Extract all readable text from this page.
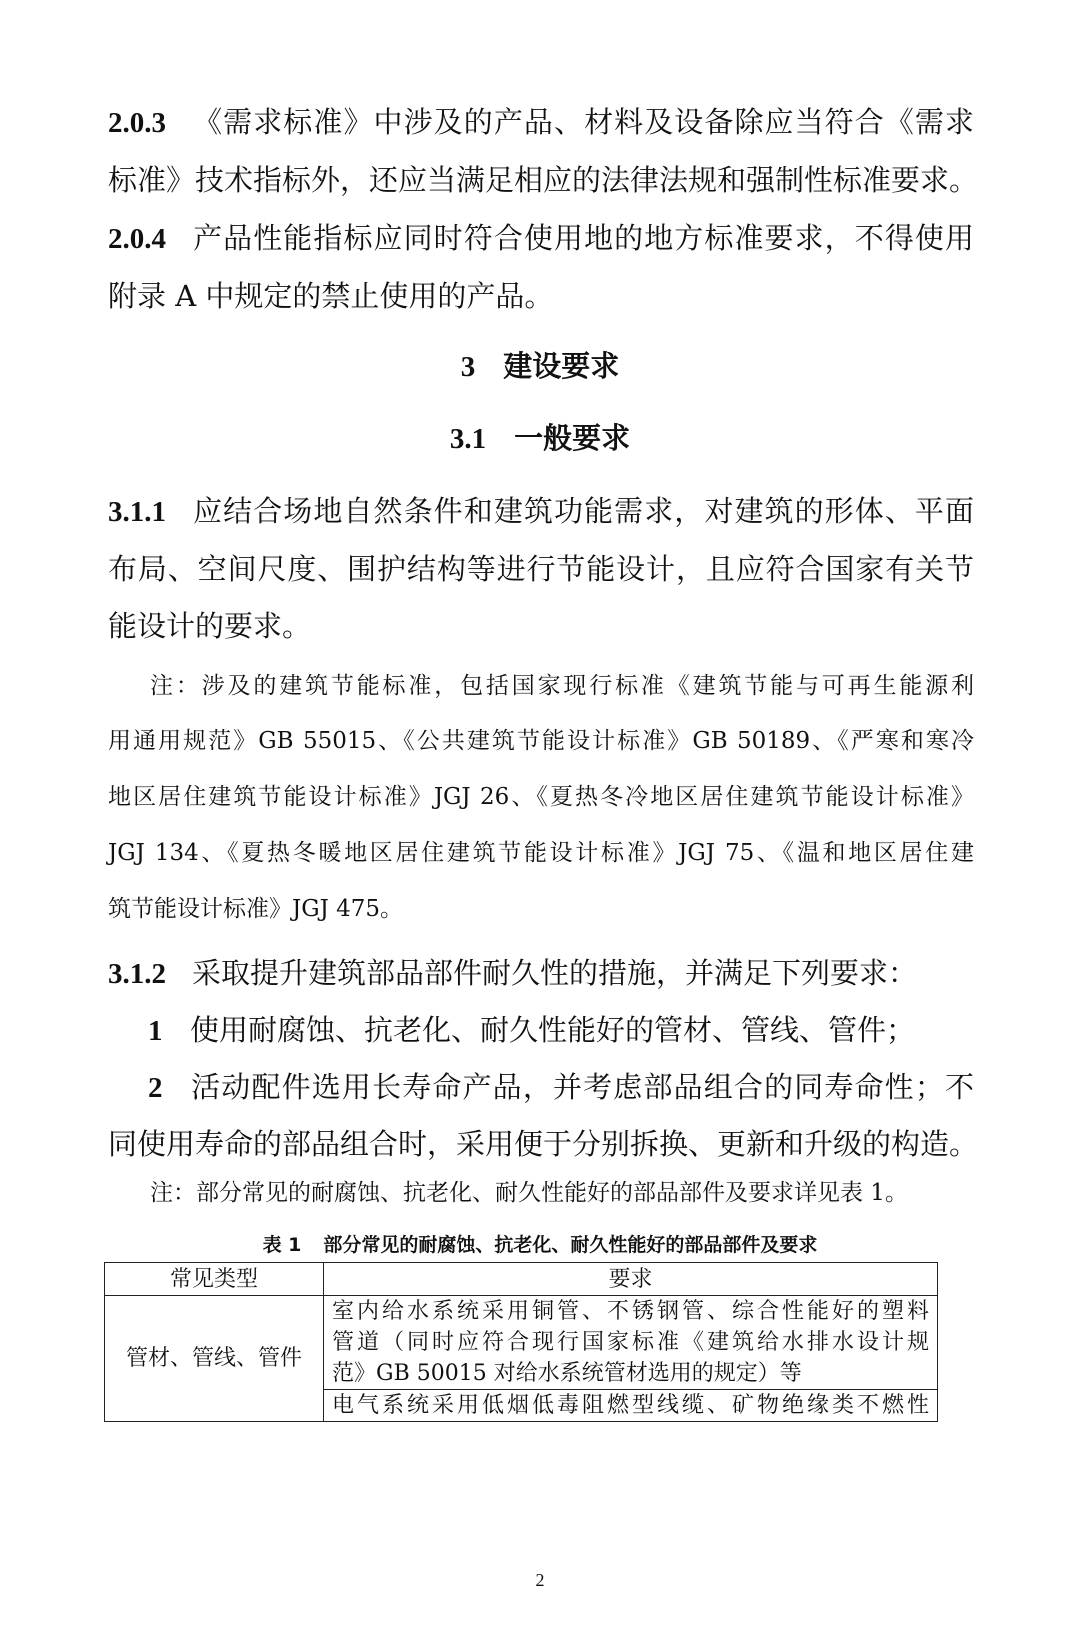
2.0.3 《需求标准》中涉及的产品、材料及设备除应当符合《需求
标准》技术指标外，还应当满足相应的法律法规和强制性标准要求。
2.0.4 产品性能指标应同时符合使用地的地方标准要求，不得使用
附录 A 中规定的禁止使用的产品。
3 建设要求
3.1 一般要求
3.1.1 应结合场地自然条件和建筑功能需求，对建筑的形体、平面
布局、空间尺度、围护结构等进行节能设计，且应符合国家有关节
能设计的要求。
注：涉及的建筑节能标准，包括国家现行标准《建筑节能与可再生能源利
用通用规范》GB 55015、《公共建筑节能设计标准》GB 50189、《严寒和寒冷
地区居住建筑节能设计标准》JGJ 26、《夏热冬冷地区居住建筑节能设计标准》
JGJ 134、《夏热冬暖地区居住建筑节能设计标准》JGJ 75、《温和地区居住建
筑节能设计标准》JGJ 475。
3.1.2 采取提升建筑部品部件耐久性的措施，并满足下列要求：
1 使用耐腐蚀、抗老化、耐久性能好的管材、管线、管件；
2 活动配件选用长寿命产品，并考虑部品组合的同寿命性；不
同使用寿命的部品组合时，采用便于分别拆换、更新和升级的构造。
注：部分常见的耐腐蚀、抗老化、耐久性能好的部品部件及要求详见表 1。
表 1 部分常见的耐腐蚀、抗老化、耐久性能好的部品部件及要求
常见类型	要求
管材、管线、管件	室内给水系统采用铜管、不锈钢管、综合性能好的塑料
管道（同时应符合现行国家标准《建筑给水排水设计规
范》GB 50015 对给水系统管材选用的规定）等

	电气系统采用低烟低毒阻燃型线缆、矿物绝缘类不燃性
2
